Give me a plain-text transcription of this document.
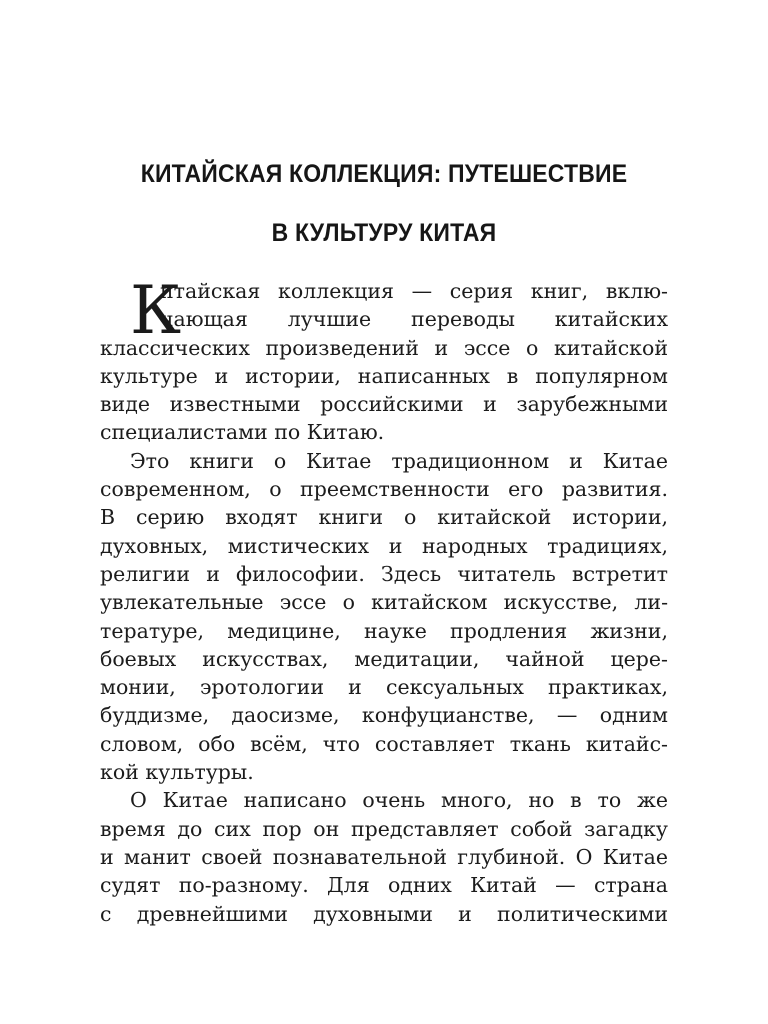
КИТАЙСКАЯ КОЛЛЕКЦИЯ: ПУТЕШЕСТВИЕ
В КУЛЬТУРУ КИТАЯ
К
итайская коллекция — серия книг, вклю-
чающая лучшие переводы китайских
классических произведений и эссе о китайской
культуре и истории, написанных в популярном
виде известными российскими и зарубежными
специалистами по Китаю.
Это книги о Китае традиционном и Китае
современном, о преемственности его развития.
В серию входят книги о китайской истории,
духовных, мистических и народных традициях,
религии и философии. Здесь читатель встретит
увлекательные эссе о китайском искусстве, ли-
тературе, медицине, науке продления жизни,
боевых искусствах, медитации, чайной цере-
монии, эротологии и сексуальных практиках,
буддизме, даосизме, конфуцианстве, — одним
словом, обо всём, что составляет ткань китайс-
кой культуры.
О Китае написано очень много, но в то же
время до сих пор он представляет собой загадку
и манит своей познавательной глубиной. О Китае
судят по-разному. Для одних Китай — страна
с древнейшими духовными и политическими
